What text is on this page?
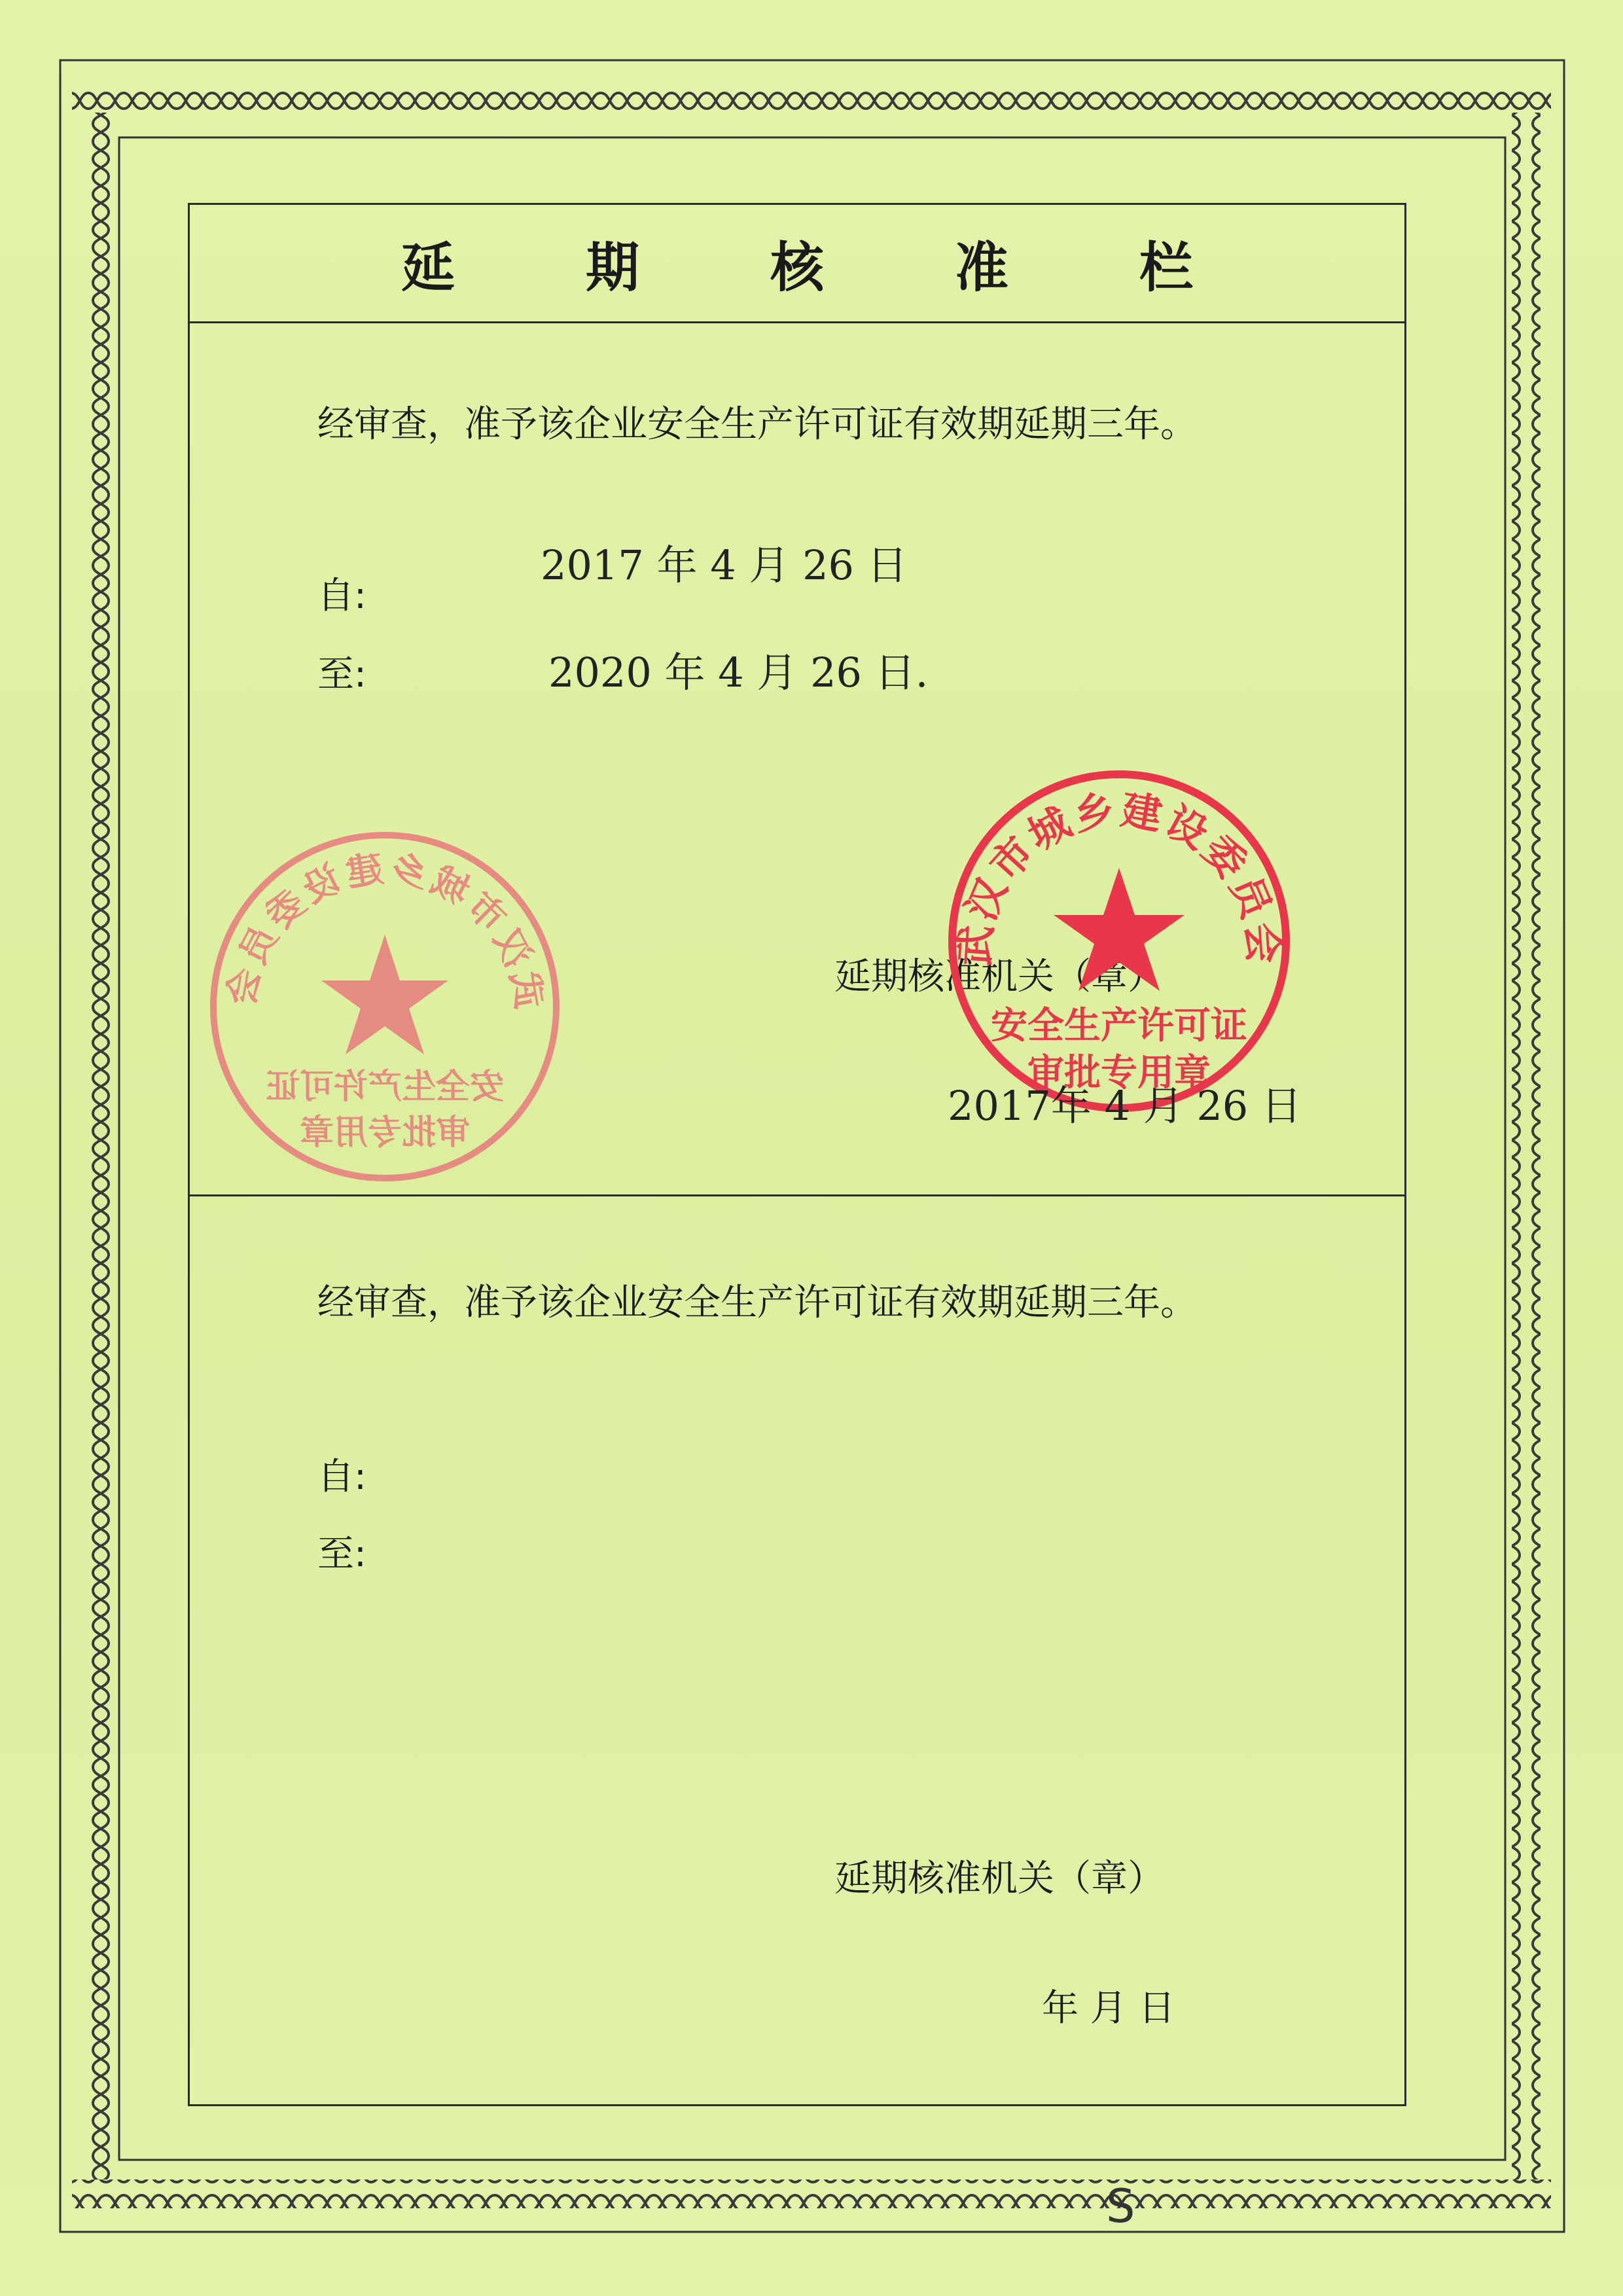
延期核准栏
经审查，准予该企业安全生产许可证有效期延期三年。
自:
2017 年 4 月 26 日
至:	2020 年 4 月 26 日.
武汉市城乡建设委员会
安全生产许可证
审批专用章
延期核准机关（章）
武汉市城乡建设委员会
安全生产许可证
审批专用章
2017年 4 月 26 日
经审查，准予该企业安全生产许可证有效期延期三年。
自:
至:
延期核准机关（章）
年 月 日
S
